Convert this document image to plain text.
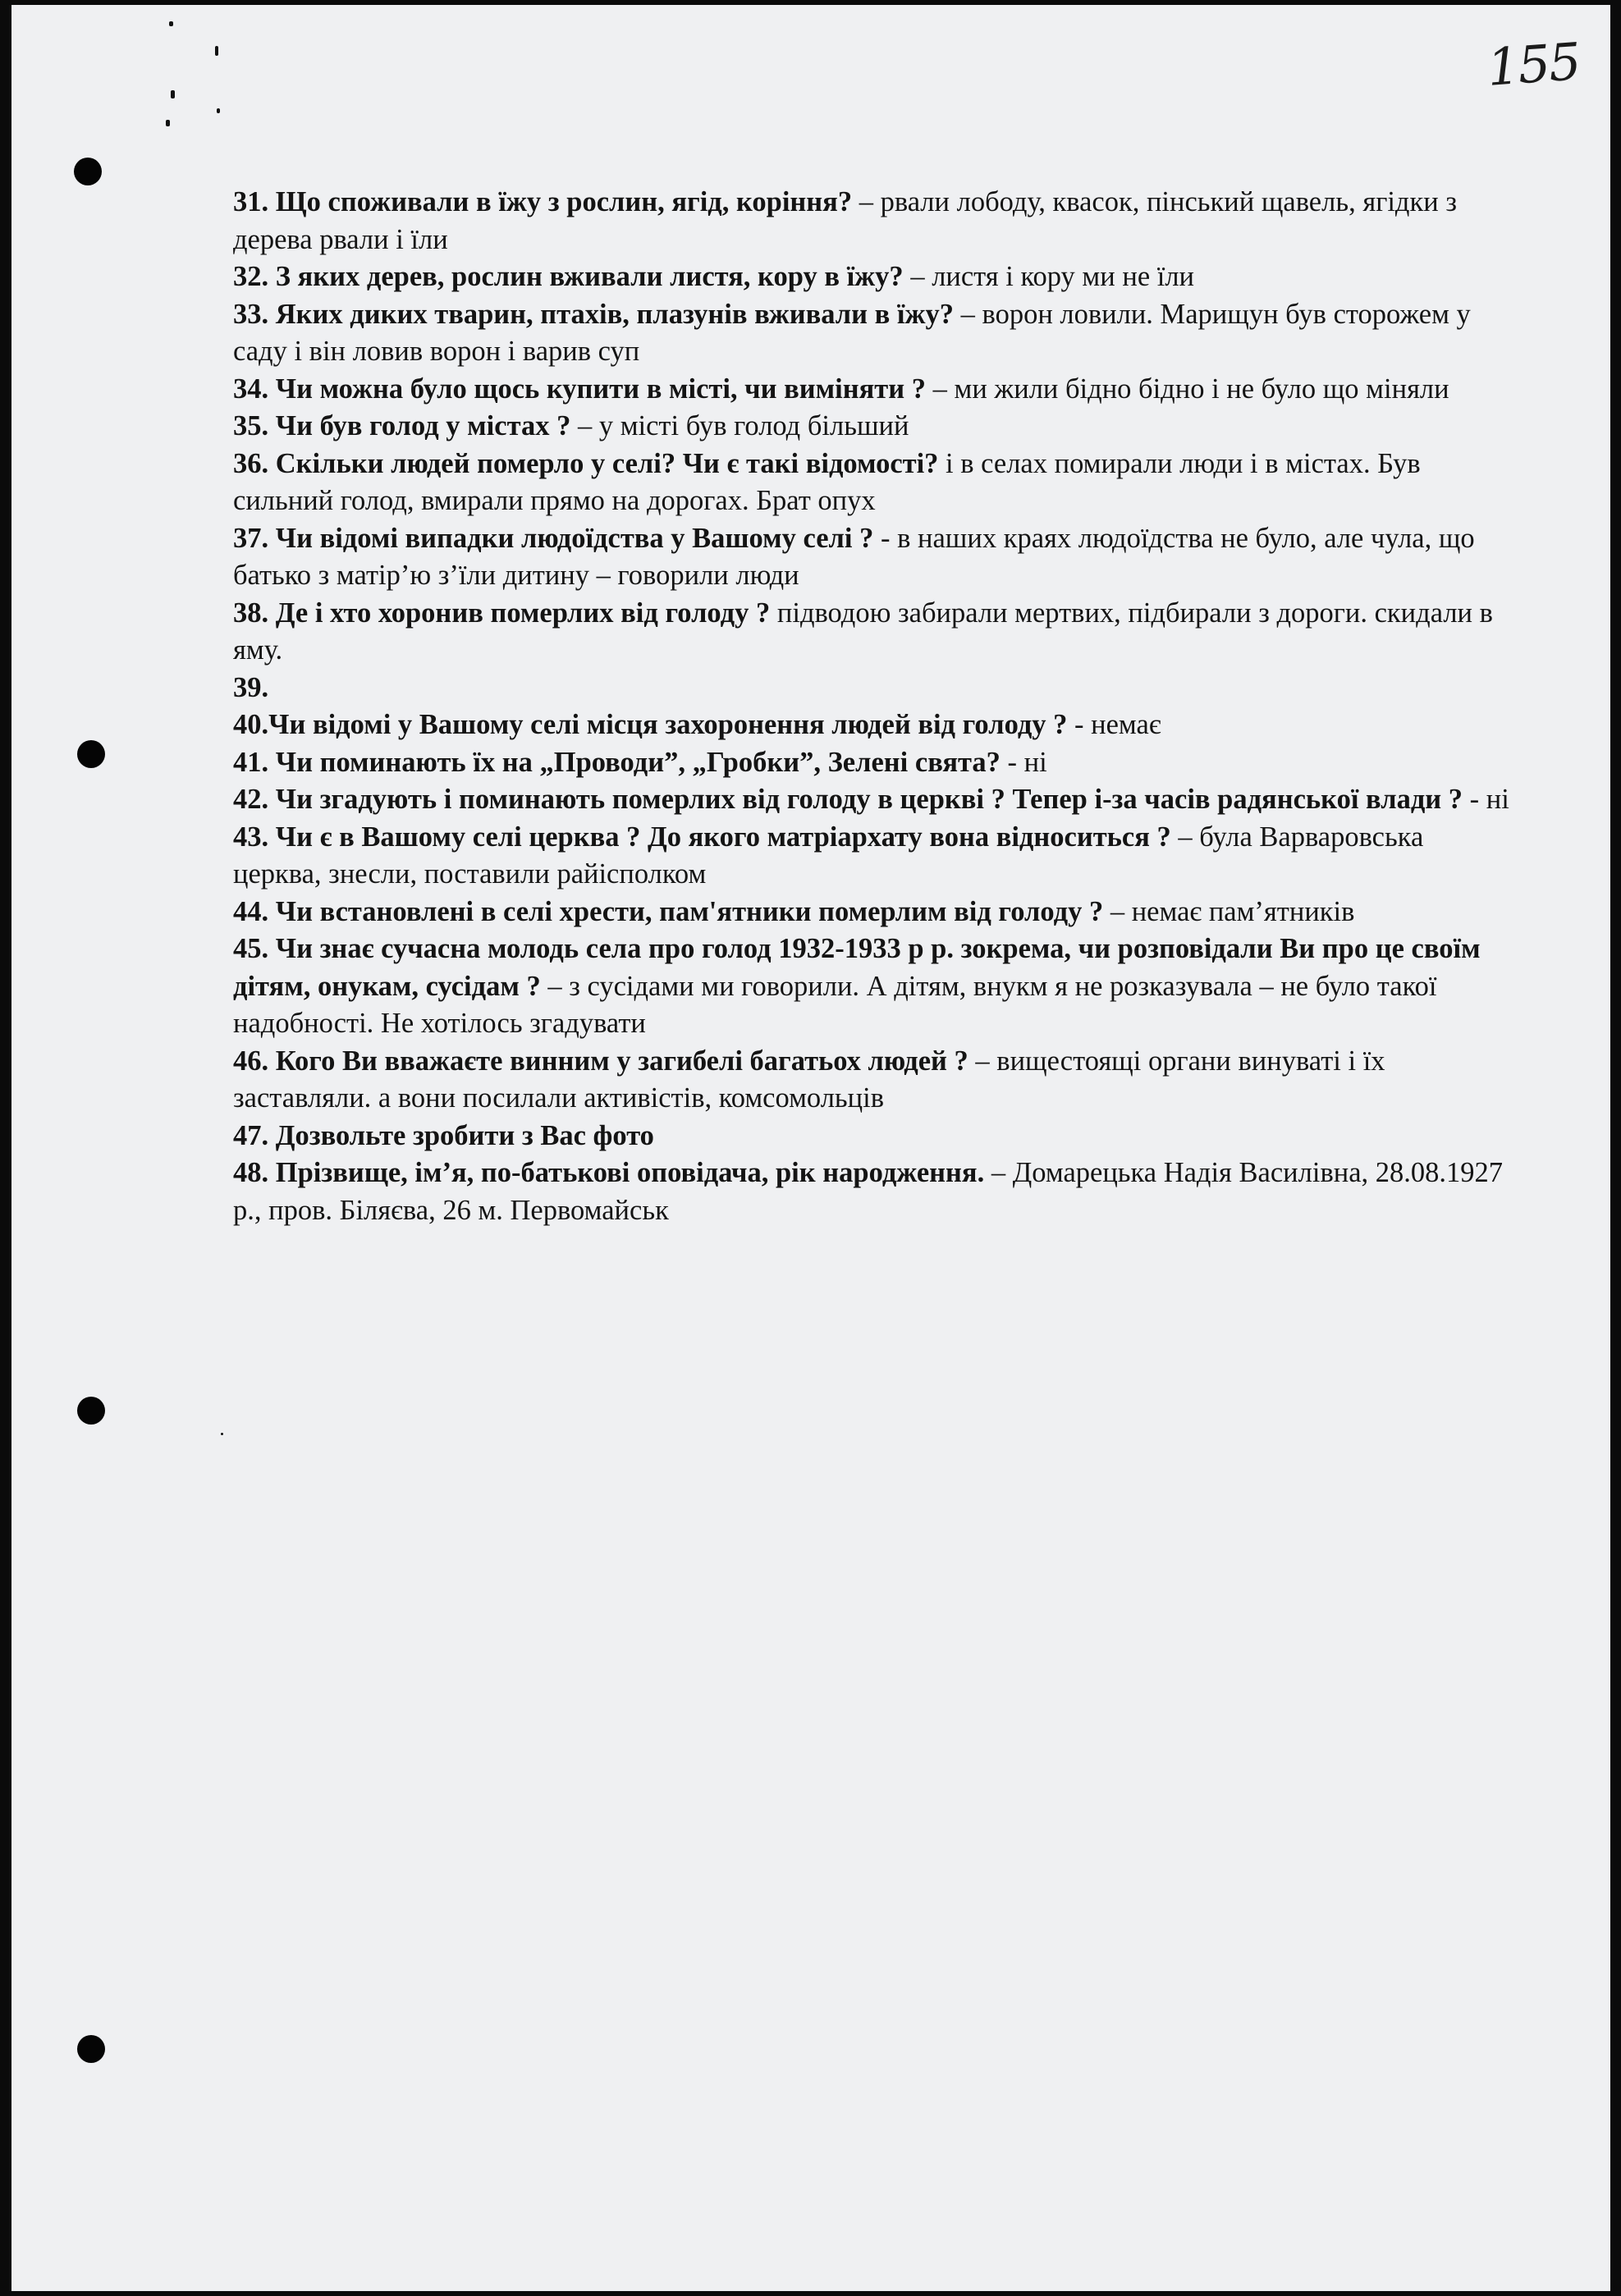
155

31. Що споживали в їжу з рослин, ягід, коріння? – рвали лободу, квасок, пінський щавель, ягідки з дерева рвали і їли

32. З яких дерев, рослин вживали листя, кору в їжу? – листя і кору ми не їли

33. Яких диких тварин, птахів, плазунів вживали в їжу? – ворон ловили. Марищун був сторожем у саду і він ловив ворон і варив суп

34. Чи можна було щось купити в місті, чи виміняти ? – ми жили бідно бідно і не було що міняли

35. Чи був голод у містах ? – у місті був голод більший

36. Скільки людей померло у селі? Чи є такі відомості? і в селах помирали люди і в містах. Був сильний голод, вмирали прямо на дорогах. Брат опух

37. Чи відомі випадки людоїдства у Вашому селі ? - в наших краях людоїдства не було, але чула, що батько з матір’ю з’їли дитину – говорили люди

38. Де і хто хоронив померлих від голоду ? підводою забирали мертвих, підбирали з дороги. скидали в яму.

39.

40.Чи відомі у Вашому селі місця захоронення людей від голоду ? - немає

41. Чи поминають їх на „Проводи”, „Гробки”, Зелені свята? - ні

42. Чи згадують і поминають померлих від голоду в церкві ? Тепер і-за часів радянської влади ? - ні

43. Чи є в Вашому селі церква ? До якого матріархату вона відноситься ? – була Варваровська церква, знесли, поставили райісполком

44. Чи встановлені в селі хрести, пам'ятники померлим від голоду ? – немає пам’ятників

45. Чи знає сучасна молодь села про голод 1932-1933 р р. зокрема, чи розповідали Ви про це своїм дітям, онукам, сусідам ? – з сусідами ми говорили. А дітям, внукм я не розказувала – не було такої надобності. Не хотілось згадувати

46. Кого Ви вважаєте винним у загибелі багатьох людей ? – вищестоящі органи винуваті і їх заставляли. а вони посилали активістів, комсомольців

47. Дозвольте зробити з Вас фото

48. Прізвище, ім’я, по-батькові оповідача, рік народження. – Домарецька Надія Василівна, 28.08.1927 р., пров. Біляєва, 26 м. Первомайськ
